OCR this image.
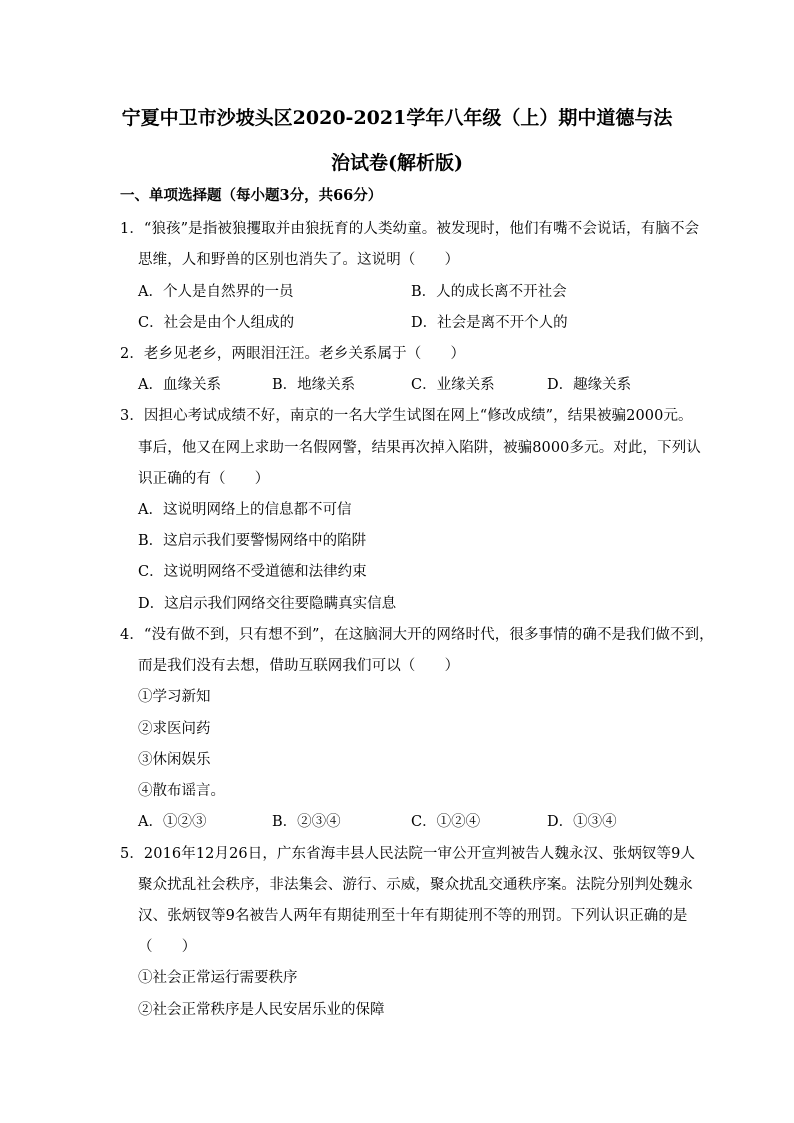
宁夏中卫市沙坡头区2020-2021学年八年级（上）期中道德与法
治试卷(解析版)
一、单项选择题（每小题3分，共66分）
1．“狼孩”是指被狼攫取并由狼抚育的人类幼童。被发现时，他们有嘴不会说话，有脑不会
思维，人和野兽的区别也消失了。这说明（　　）
A．个人是自然界的一员	B．人的成长离不开社会
C．社会是由个人组成的	D．社会是离不开个人的
2．老乡见老乡，两眼泪汪汪。老乡关系属于（　　）
A．血缘关系	B．地缘关系	C．业缘关系	D．趣缘关系
3．因担心考试成绩不好，南京的一名大学生试图在网上“修改成绩”，结果被骗2000元。
事后，他又在网上求助一名假网警，结果再次掉入陷阱，被骗8000多元。对此，下列认
识正确的有（　　）
A．这说明网络上的信息都不可信
B．这启示我们要警惕网络中的陷阱
C．这说明网络不受道德和法律约束
D．这启示我们网络交往要隐瞒真实信息
4．“没有做不到，只有想不到”，在这脑洞大开的网络时代，很多事情的确不是我们做不到，
而是我们没有去想，借助互联网我们可以（　　）
①学习新知
②求医问药
③休闲娱乐
④散布谣言。
A．①②③	B．②③④	C．①②④	D．①③④
5．2016年12月26日，广东省海丰县人民法院一审公开宣判被告人魏永汉、张炳钗等9人
聚众扰乱社会秩序，非法集会、游行、示威，聚众扰乱交通秩序案。法院分别判处魏永
汉、张炳钗等9名被告人两年有期徒刑至十年有期徒刑不等的刑罚。下列认识正确的是
（　　）
①社会正常运行需要秩序
②社会正常秩序是人民安居乐业的保障
